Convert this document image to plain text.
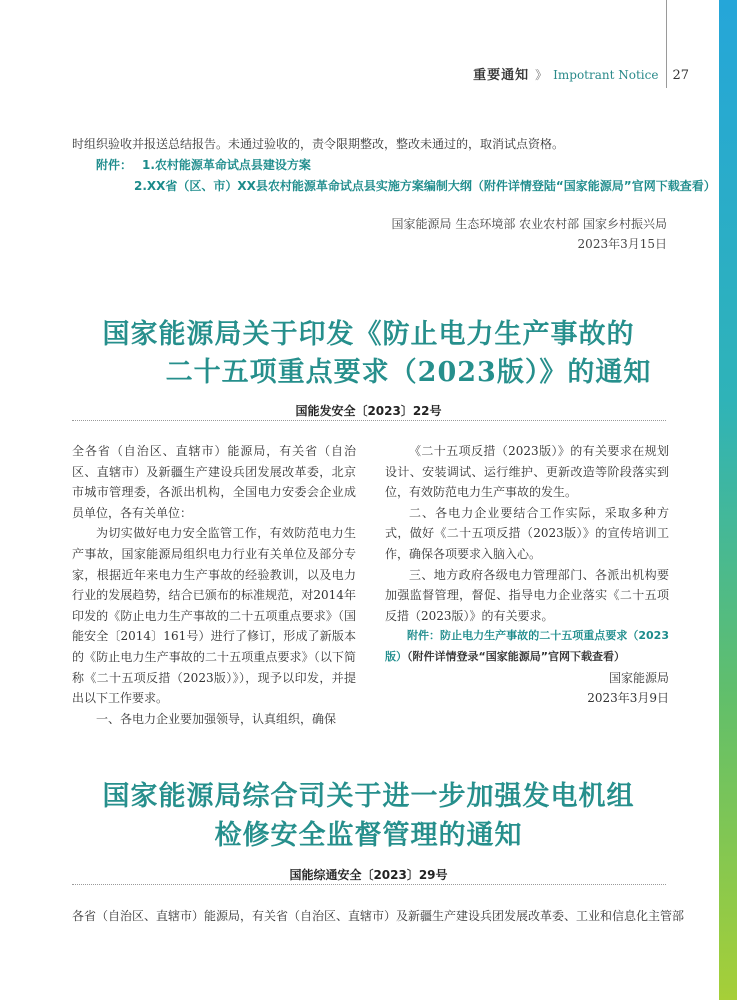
重要通知 》 Impotrant Notice 27
时组织验收并报送总结报告。未通过验收的，责令限期整改，整改未通过的，取消试点资格。
附件： 1.农村能源革命试点县建设方案
2.XX省（区、市）XX县农村能源革命试点县实施方案编制大纲（附件详情登陆“国家能源局”官网下载查看）
国家能源局 生态环境部 农业农村部 国家乡村振兴局
2023年3月15日
国家能源局关于印发《防止电力生产事故的
二十五项重点要求（2023版）》的通知
国能发安全〔2023〕22号

全各省（自治区、直辖市）能源局，有关省（自治区、直辖市）及新疆生产建设兵团发展改革委，北京市城市管理委，各派出机构，全国电力安委会企业成员单位，各有关单位：

为切实做好电力安全监管工作，有效防范电力生产事故，国家能源局组织电力行业有关单位及部分专家，根据近年来电力生产事故的经验教训，以及电力行业的发展趋势，结合已颁布的标准规范，对2014年印发的《防止电力生产事故的二十五项重点要求》（国能安全〔2014〕161号）进行了修订，形成了新版本的《防止电力生产事故的二十五项重点要求》（以下简称《二十五项反措（2023版）》），现予以印发，并提出以下工作要求。

一、各电力企业要加强领导，认真组织，确保

《二十五项反措（2023版）》的有关要求在规划设计、安装调试、运行维护、更新改造等阶段落实到位，有效防范电力生产事故的发生。

二、各电力企业要结合工作实际，采取多种方式，做好《二十五项反措（2023版）》的宣传培训工作，确保各项要求入脑入心。

三、地方政府各级电力管理部门、各派出机构要加强监督管理，督促、指导电力企业落实《二十五项反措（2023版）》的有关要求。

附件：防止电力生产事故的二十五项重点要求（2023版）（附件详情登录“国家能源局”官网下载查看）

国家能源局

2023年3月9日

国家能源局综合司关于进一步加强发电机组
检修安全监督管理的通知
国能综通安全〔2023〕29号
各省（自治区、直辖市）能源局，有关省（自治区、直辖市）及新疆生产建设兵团发展改革委、工业和信息化主管部
